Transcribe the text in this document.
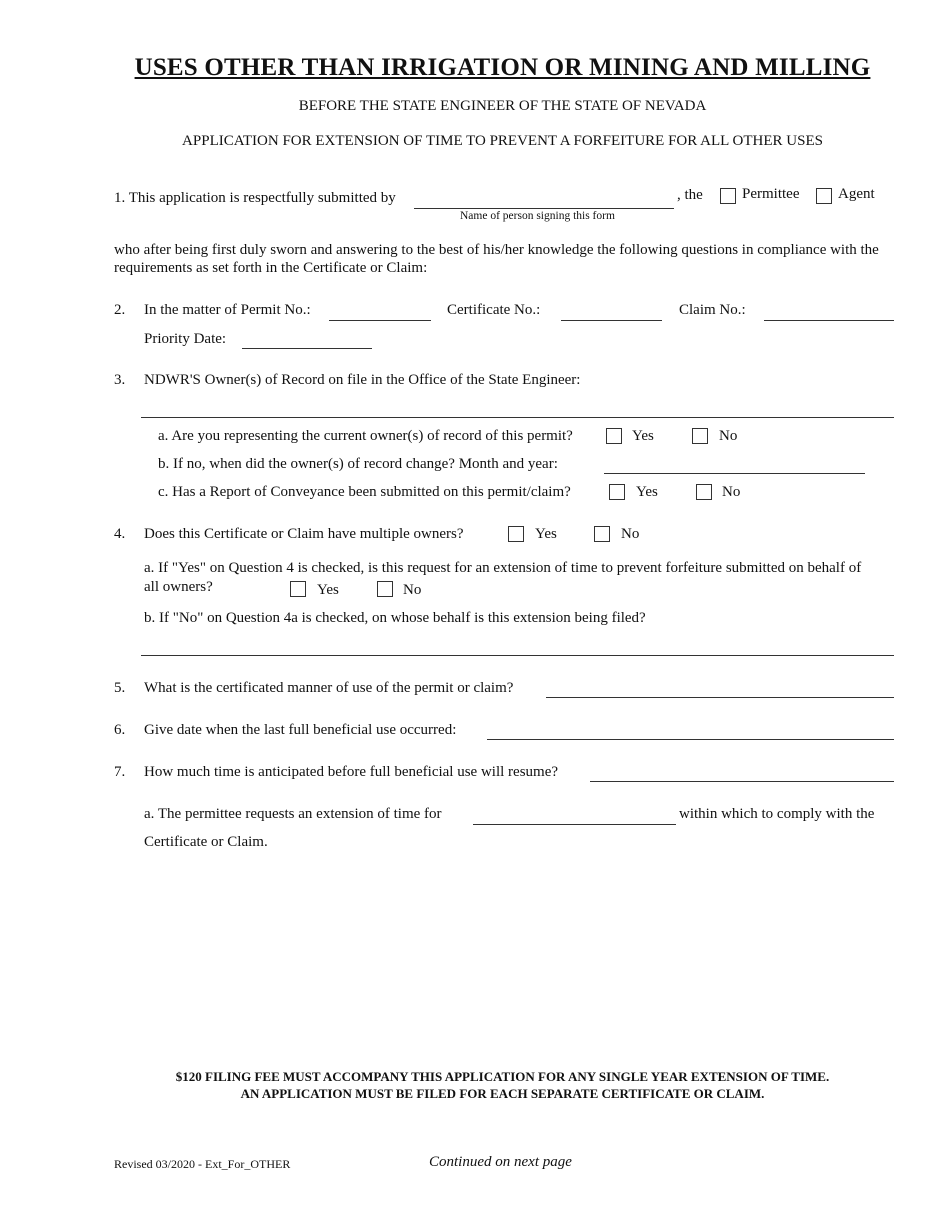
USES OTHER THAN IRRIGATION OR MINING AND MILLING
BEFORE THE STATE ENGINEER OF THE STATE OF NEVADA
APPLICATION FOR EXTENSION OF TIME TO PREVENT A FORFEITURE FOR ALL OTHER USES
1. This application is respectfully submitted by
Name of person signing this form
, the	Permittee	Agent
who after being first duly sworn and answering to the best of his/her knowledge the following questions in compliance with the requirements as set forth in the Certificate or Claim:
2. In the matter of Permit No.:	Certificate No.:	Claim No.:
Priority Date:
3. NDWR'S Owner(s) of Record on file in the Office of the State Engineer:
a. Are you representing the current owner(s) of record of this permit?	Yes	No
b. If no, when did the owner(s) of record change? Month and year:
c. Has a Report of Conveyance been submitted on this permit/claim?	Yes	No
4. Does this Certificate or Claim have multiple owners?	Yes	No
a. If "Yes" on Question 4 is checked, is this request for an extension of time to prevent forfeiture submitted on behalf of
all owners?	Yes	No
b. If "No" on Question 4a is checked, on whose behalf is this extension being filed?
5. What is the certificated manner of use of the permit or claim?
6. Give date when the last full beneficial use occurred:
7. How much time is anticipated before full beneficial use will resume?
a. The permittee requests an extension of time for	within which to comply with the
Certificate or Claim.
$120 FILING FEE MUST ACCOMPANY THIS APPLICATION FOR ANY SINGLE YEAR EXTENSION OF TIME.
AN APPLICATION MUST BE FILED FOR EACH SEPARATE CERTIFICATE OR CLAIM.
Revised 03/2020 - Ext_For_OTHER	Continued on next page
